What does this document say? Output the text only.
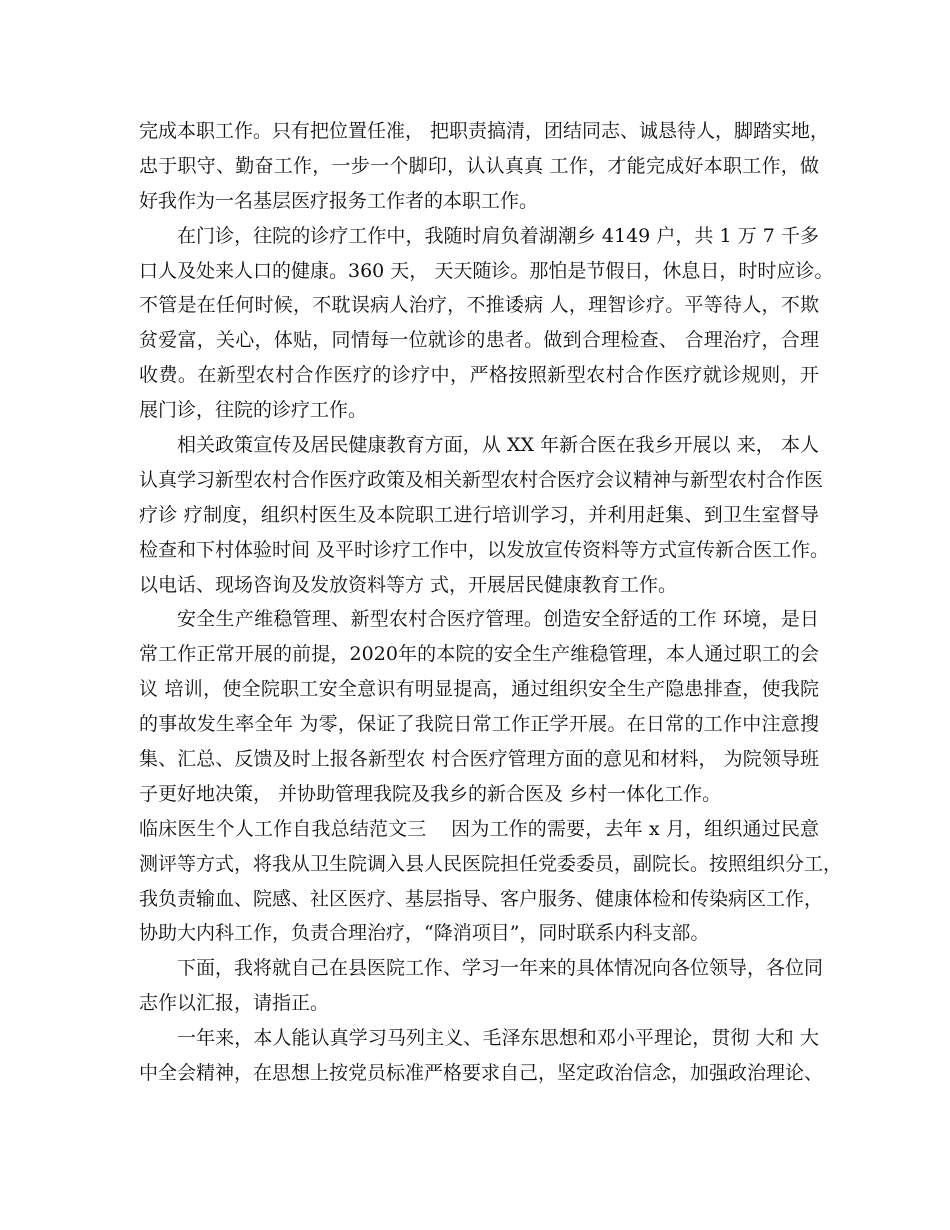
完成本职工作。只有把位置任准， 把职责搞清，团结同志、诚恳待人，脚踏实地，
忠于职守、勤奋工作，一步一个脚印，认认真真 工作，才能完成好本职工作，做
好我作为一名基层医疗报务工作者的本职工作。
在门诊，往院的诊疗工作中，我随时肩负着湖潮乡 4149 户，共 1 万 7 千多
口人及处来人口的健康。360 天， 天天随诊。那怕是节假日，休息日，时时应诊。
不管是在任何时候，不耽误病人治疗，不推诿病 人，理智诊疗。平等待人，不欺
贫爱富，关心，体贴，同情每一位就诊的患者。做到合理检查、 合理治疗，合理
收费。在新型农村合作医疗的诊疗中，严格按照新型农村合作医疗就诊规则，开
展门诊，往院的诊疗工作。
相关政策宣传及居民健康教育方面，从 XX 年新合医在我乡开展以 来， 本人
认真学习新型农村合作医疗政策及相关新型农村合医疗会议精神与新型农村合作医
疗诊 疗制度，组织村医生及本院职工进行培训学习，并利用赶集、到卫生室督导
检查和下村体验时间 及平时诊疗工作中，以发放宣传资料等方式宣传新合医工作。
以电话、现场咨询及发放资料等方 式，开展居民健康教育工作。
安全生产维稳管理、新型农村合医疗管理。创造安全舒适的工作 环境，是日
常工作正常开展的前提，2020年的本院的安全生产维稳管理，本人通过职工的会
议 培训，使全院职工安全意识有明显提高，通过组织安全生产隐患排查，使我院
的事故发生率全年 为零，保证了我院日常工作正学开展。在日常的工作中注意搜
集、汇总、反馈及时上报各新型农 村合医疗管理方面的意见和材料， 为院领导班
子更好地决策， 并协助管理我院及我乡的新合医及 乡村一体化工作。
临床医生个人工作自我总结范文三    因为工作的需要，去年 x 月，组织通过民意
测评等方式，将我从卫生院调入县人民医院担任党委委员，副院长。按照组织分工，
我负责输血、院感、社区医疗、基层指导、客户服务、健康体检和传染病区工作，
协助大内科工作，负责合理治疗，“降消项目”，同时联系内科支部。
下面，我将就自己在县医院工作、学习一年来的具体情况向各位领导，各位同
志作以汇报，请指正。
一年来，本人能认真学习马列主义、毛泽东思想和邓小平理论，贯彻 大和 大
中全会精神，在思想上按党员标准严格要求自己，坚定政治信念，加强政治理论、
